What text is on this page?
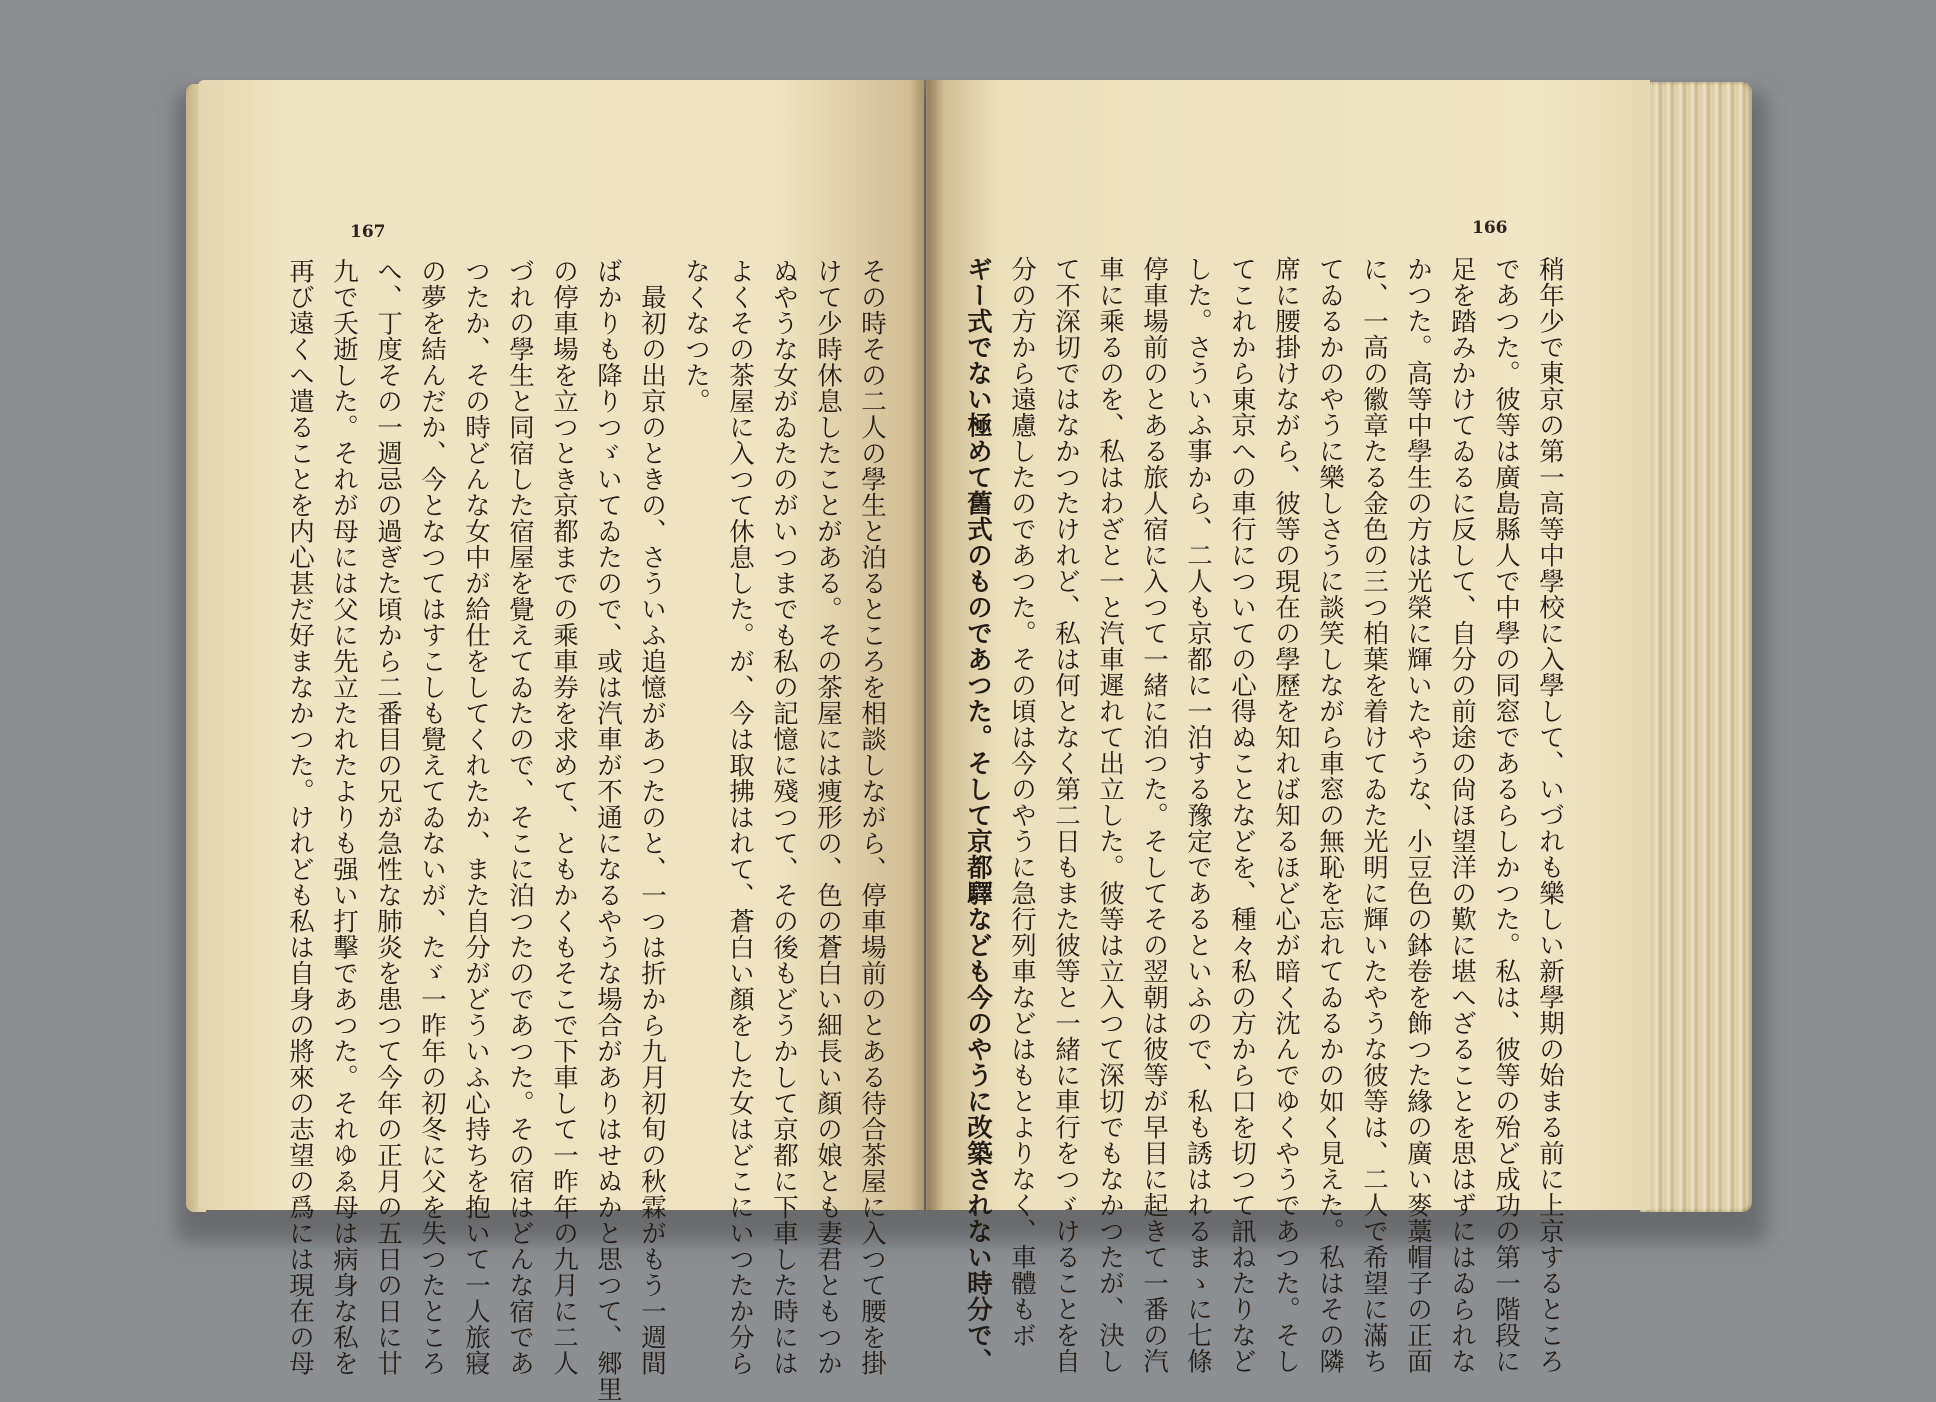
167
その時その二人の學生と泊るところを相談しながら、停車場前のとある待合茶屋に入つて腰を掛
けて少時休息したことがある。その茶屋には痩形の、色の蒼白い細長い顏の娘とも妻君ともつか
ぬやうな女がゐたのがいつまでも私の記憶に殘つて、その後もどうかして京都に下車した時には
よくその茶屋に入つて休息した。が、今は取拂はれて、蒼白い顏をした女はどこにいつたか分ら
なくなつた。
　最初の出京のときの、さういふ追憶があつたのと、一つは折から九月初旬の秋霖がもう一週間
ばかりも降りつゞいてゐたので、或は汽車が不通になるやうな場合がありはせぬかと思つて、郷里
の停車場を立つとき京都までの乘車券を求めて、ともかくもそこで下車して一昨年の九月に二人
づれの學生と同宿した宿屋を覺えてゐたので、そこに泊つたのであつた。その宿はどんな宿であ
つたか、その時どんな女中が給仕をしてくれたか、また自分がどういふ心持ちを抱いて一人旅寢
の夢を結んだか、今となつてはすこしも覺えてゐないが、たゞ一昨年の初冬に父を失つたところ
へ、丁度その一週忌の過ぎた頃から二番目の兄が急性な肺炎を患つて今年の正月の五日の日に廿
九で夭逝した。それが母には父に先立たれたよりも强い打擊であつた。それゆゑ母は病身な私を
再び遠くへ遣ることを内心甚だ好まなかつた。けれども私は自身の將來の志望の爲には現在の母
166
稍年少で東京の第一高等中學校に入學して、いづれも樂しい新學期の始まる前に上京するところ
であつた。彼等は廣島縣人で中學の同窓であるらしかつた。私は、彼等の殆ど成功の第一階段に
足を踏みかけてゐるに反して、自分の前途の尙ほ望洋の歎に堪へざることを思はずにはゐられな
かつた。高等中學生の方は光榮に輝いたやうな、小豆色の鉢卷を飾つた緣の廣い麥藁帽子の正面
に、一高の徽章たる金色の三つ柏葉を着けてゐた光明に輝いたやうな彼等は、二人で希望に滿ち
てゐるかのやうに樂しさうに談笑しながら車窓の無恥を忘れてゐるかの如く見えた。私はその隣
席に腰掛けながら、彼等の現在の學歷を知れば知るほど心が暗く沈んでゆくやうであつた。そし
てこれから東京への車行についての心得ぬことなどを、種々私の方から口を切つて訊ねたりなど
した。さういふ事から、二人も京都に一泊する豫定であるといふので、私も誘はれるまゝに七條
停車場前のとある旅人宿に入つて一緒に泊つた。そしてその翌朝は彼等が早目に起きて一番の汽
車に乘るのを、私はわざと一と汽車遲れて出立した。彼等は立入つて深切でもなかつたが、決し
て不深切ではなかつたけれど、私は何となく第二日もまた彼等と一緒に車行をつゞけることを自
分の方から遠慮したのであつた。その頃は今のやうに急行列車などはもとよりなく、車體もボ
ギー式でない極めて舊式のものであつた。そして京都驛なども今のやうに改築されない時分で、
